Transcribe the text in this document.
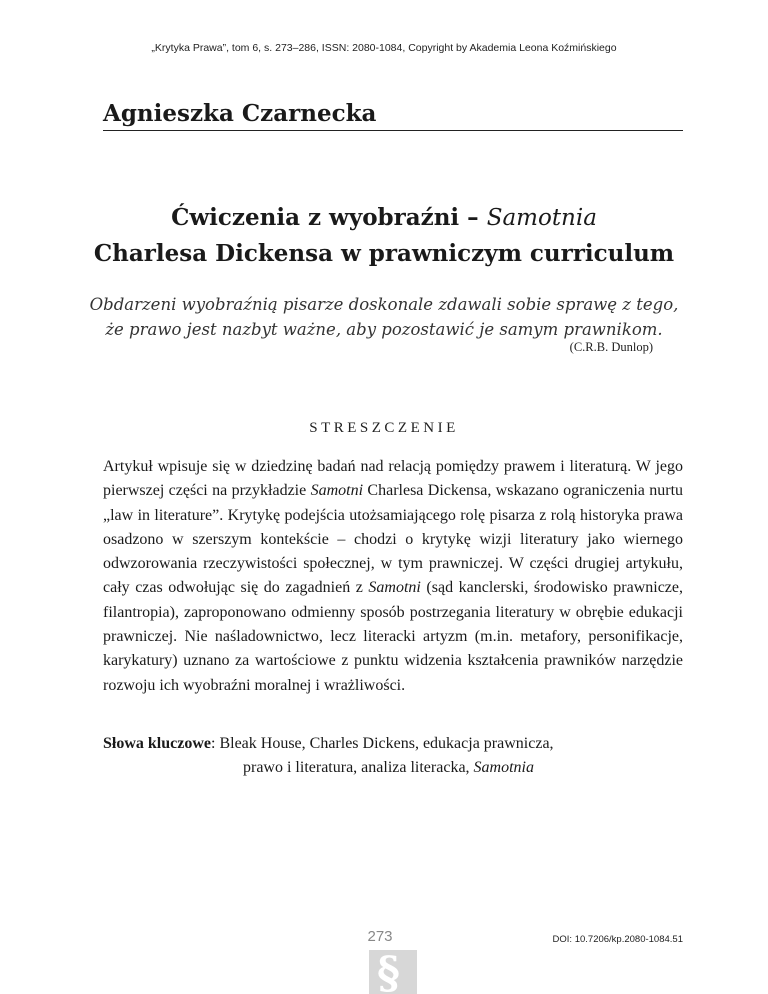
„Krytyka Prawa”, tom 6, s. 273–286, ISSN: 2080-1084, Copyright by Akademia Leona Koźmińskiego
Agnieszka Czarnecka
Ćwiczenia z wyobraźni – Samotnia
Charlesa Dickensa w prawniczym curriculum
Obdarzeni wyobraźnią pisarze doskonale zdawali sobie sprawę z tego,
że prawo jest nazbyt ważne, aby pozostawić je samym prawnikom.
(C.R.B. Dunlop)
STRESZCZENIE
Artykuł wpisuje się w dziedzinę badań nad relacją pomiędzy prawem i literaturą. W jego pierwszej części na przykładzie Samotni Charlesa Dickensa, wskazano ograniczenia nurtu „law in literature”. Krytykę podejścia utożsamiającego rolę pisarza z rolą historyka prawa osadzono w szerszym kontekście – chodzi o krytykę wizji literatury jako wiernego odwzorowania rzeczywistości społecznej, w tym prawniczej. W części drugiej artykułu, cały czas odwołując się do zagadnień z Samotni (sąd kanclerski, środowisko prawnicze, filantropia), zaproponowano odmienny sposób postrzegania literatury w obrębie edukacji prawniczej. Nie naśladownictwo, lecz literacki artyzm (m.in. metafory, personifikacje, karykatury) uznano za wartościowe z punktu widzenia kształcenia prawników narzędzie rozwoju ich wyobraźni moralnej i wrażliwości.
Słowa kluczowe: Bleak House, Charles Dickens, edukacja prawnicza,
prawo i literatura, analiza literacka, Samotnia
273	DOI: 10.7206/kp.2080-1084.51
§
